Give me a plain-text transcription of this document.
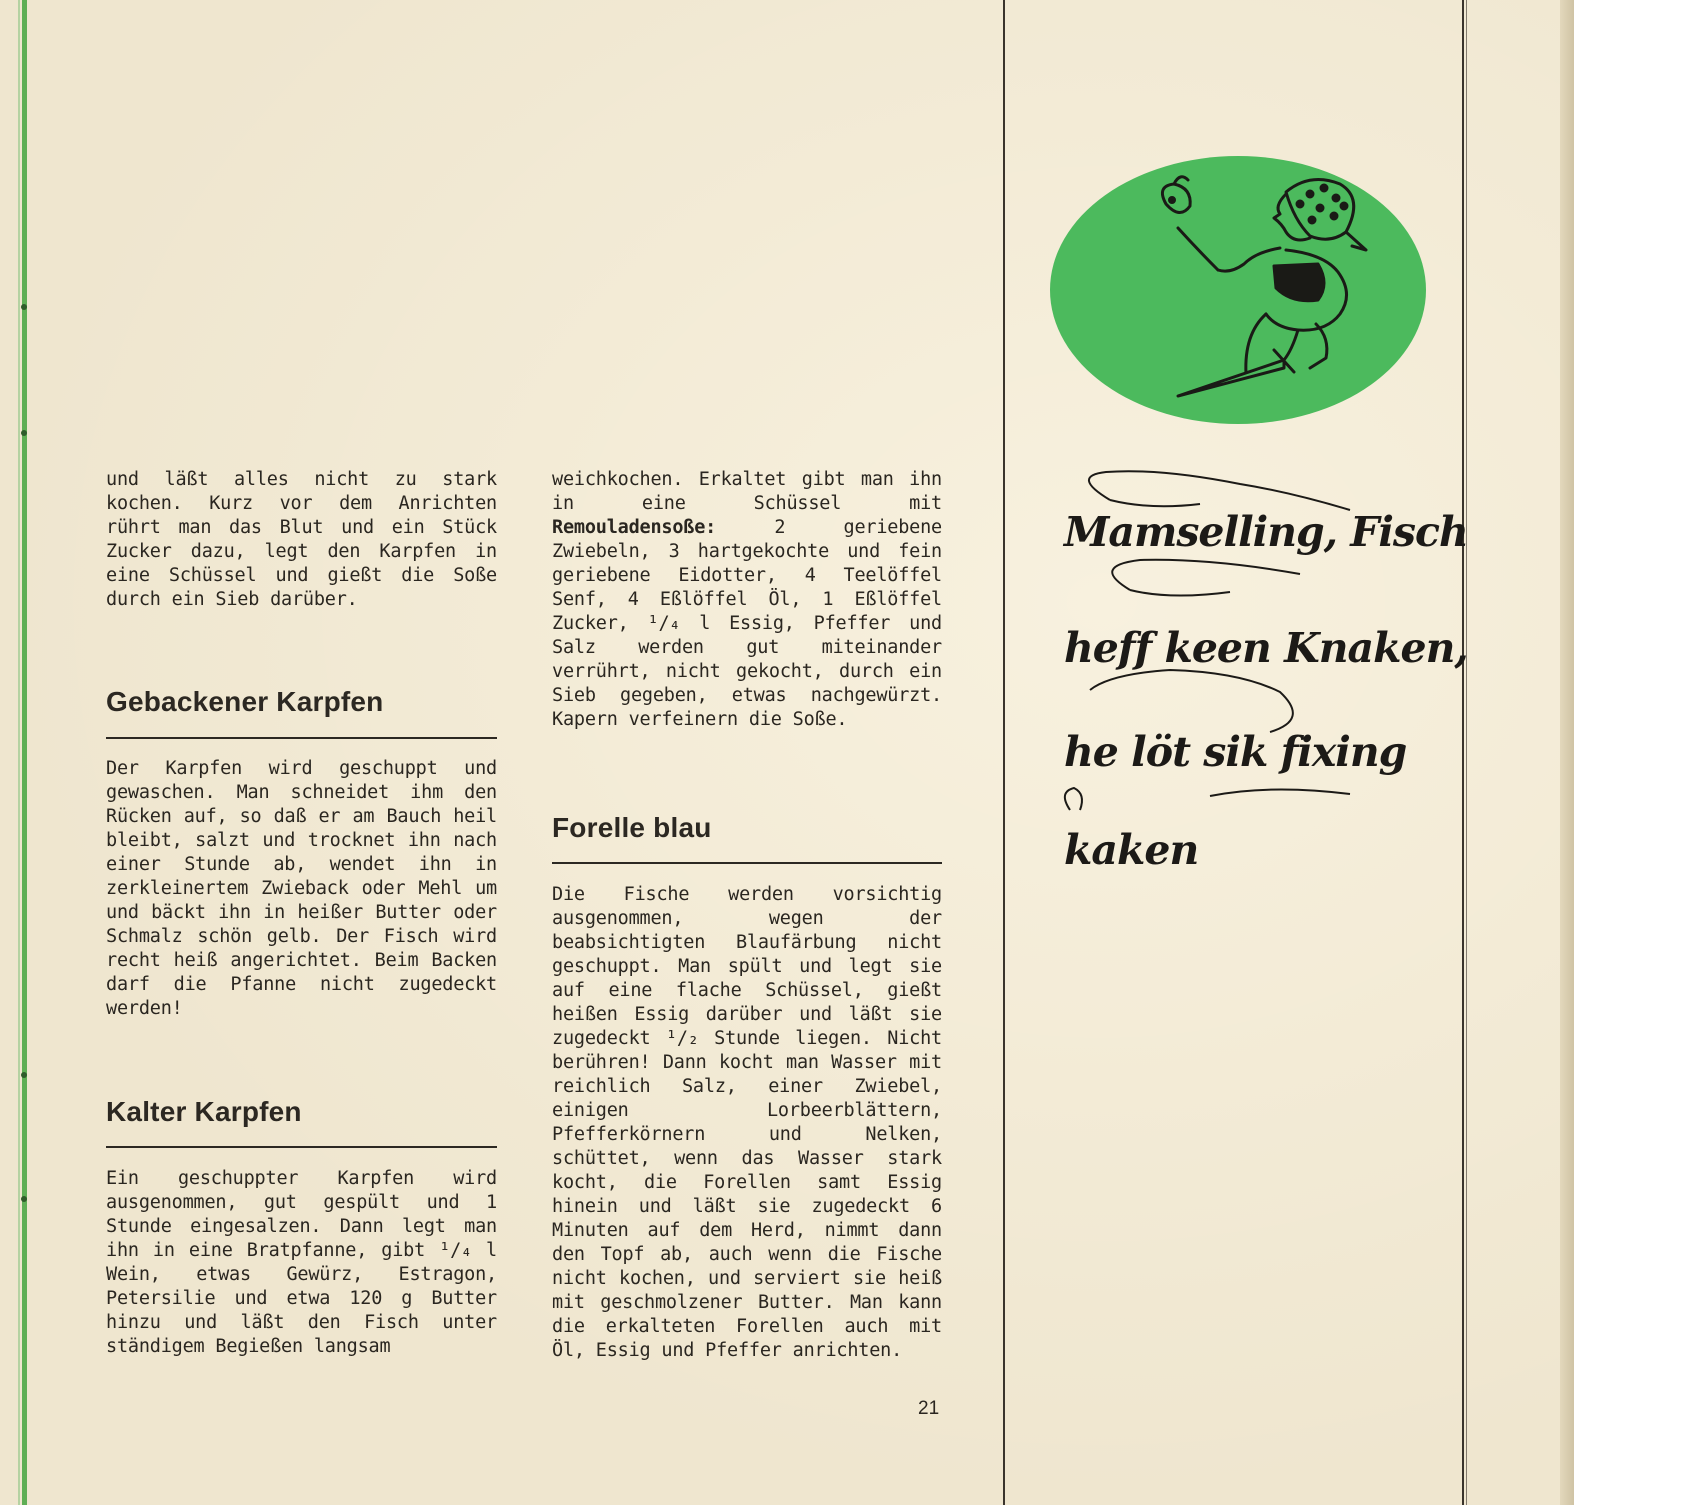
und läßt alles nicht zu stark kochen. Kurz vor dem Anrichten rührt man das Blut und ein Stück Zucker dazu, legt den Karpfen in eine Schüssel und gießt die Soße durch ein Sieb darüber.

Gebackener Karpfen

Der Karpfen wird geschuppt und gewaschen. Man schneidet ihm den Rücken auf, so daß er am Bauch heil bleibt, salzt und trocknet ihn nach einer Stunde ab, wendet ihn in zerkleinertem Zwieback oder Mehl um und bäckt ihn in heißer Butter oder Schmalz schön gelb. Der Fisch wird recht heiß angerichtet. Beim Backen darf die Pfanne nicht zugedeckt werden!

Kalter Karpfen

Ein geschuppter Karpfen wird ausgenommen, gut gespült und 1 Stunde eingesalzen. Dann legt man ihn in eine Bratpfanne, gibt ¹/₄ l Wein, etwas Gewürz, Estragon, Petersilie und etwa 120 g Butter hinzu und läßt den Fisch unter ständigem Begießen langsam

weichkochen. Erkaltet gibt man ihn in eine Schüssel mit Remouladensoße: 2 geriebene Zwiebeln, 3 hartgekochte und fein geriebene Eidotter, 4 Teelöffel Senf, 4 Eßlöffel Öl, 1 Eßlöffel Zucker, ¹/₄ l Essig, Pfeffer und Salz werden gut miteinander verrührt, nicht gekocht, durch ein Sieb gegeben, etwas nachgewürzt. Kapern verfeinern die Soße.

Forelle blau

Die Fische werden vorsichtig ausgenommen, wegen der beabsichtigten Blaufärbung nicht geschuppt. Man spült und legt sie auf eine flache Schüssel, gießt heißen Essig darüber und läßt sie zugedeckt ¹/₂ Stunde liegen. Nicht berühren! Dann kocht man Wasser mit reichlich Salz, einer Zwiebel, einigen Lorbeerblättern, Pfefferkörnern und Nelken, schüttet, wenn das Wasser stark kocht, die Forellen samt Essig hinein und läßt sie zugedeckt 6 Minuten auf dem Herd, nimmt dann den Topf ab, auch wenn die Fische nicht kochen, und serviert sie heiß mit geschmolzener Butter. Man kann die erkalteten Forellen auch mit Öl, Essig und Pfeffer anrichten.

21
Mamselling, Fisch
heff keen Knaken,
he löt sik fixing
kaken
